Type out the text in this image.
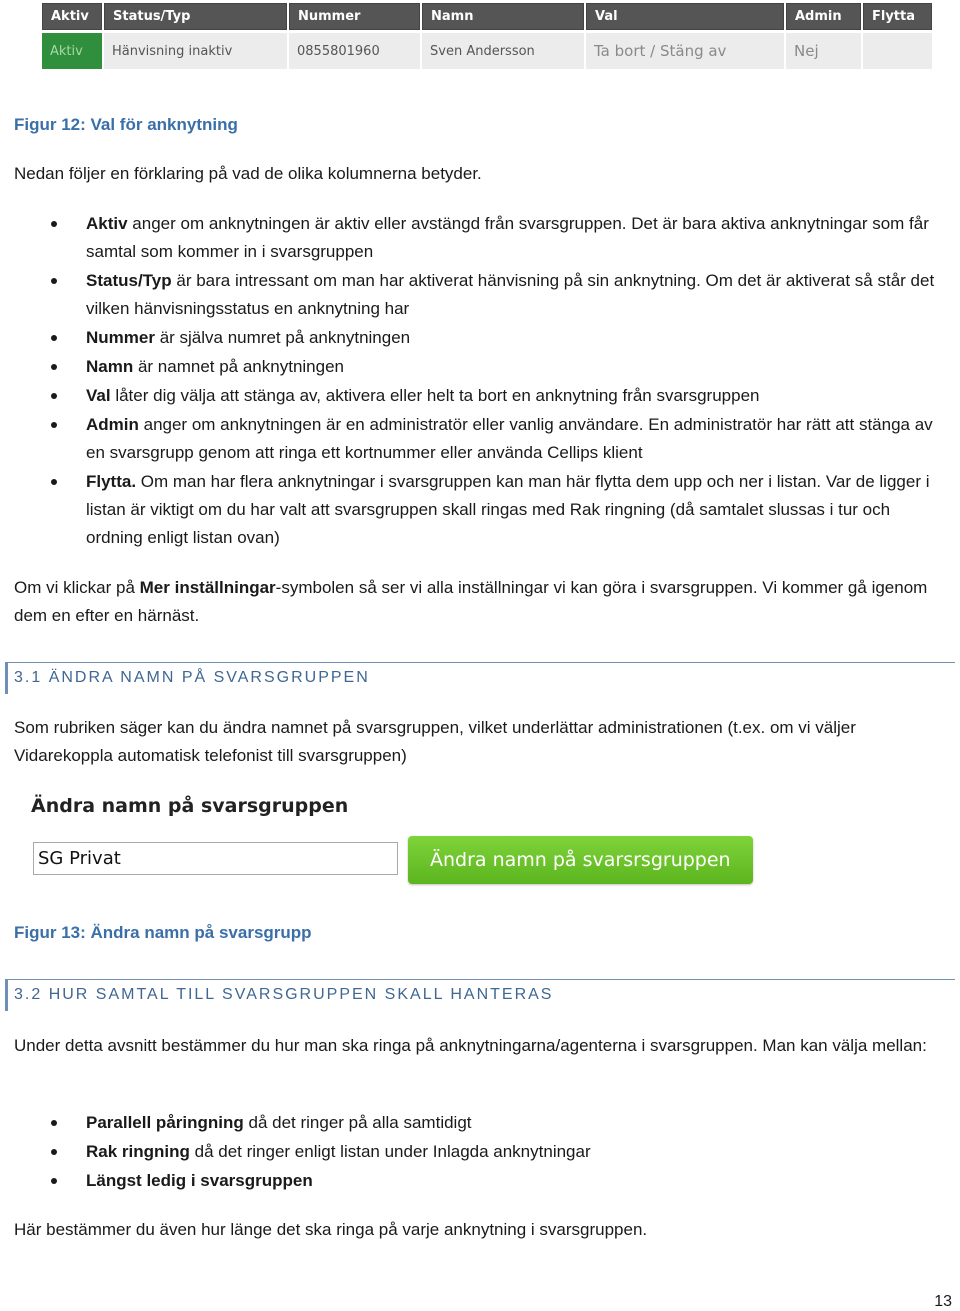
Aktiv	Status/Typ	Nummer	Namn	Val	Admin	Flytta
Aktiv	Hänvisning inaktiv	0855801960	Sven Andersson	Ta bort / Stäng av	Nej	

Figur 12: Val för anknytning

Nedan följer en förklaring på vad de olika kolumnerna betyder.

Aktiv anger om anknytningen är aktiv eller avstängd från svarsgruppen. Det är bara aktiva anknytningar som får samtal som kommer in i svarsgruppen
Status/Typ är bara intressant om man har aktiverat hänvisning på sin anknytning. Om det är aktiverat så står det vilken hänvisningsstatus en anknytning har
Nummer är själva numret på anknytningen
Namn är namnet på anknytningen
Val låter dig välja att stänga av, aktivera eller helt ta bort en anknytning från svarsgruppen
Admin anger om anknytningen är en administratör eller vanlig användare. En administratör har rätt att stänga av en svarsgrupp genom att ringa ett kortnummer eller använda Cellips klient
Flytta. Om man har flera anknytningar i svarsgruppen kan man här flytta dem upp och ner i listan. Var de ligger i listan är viktigt om du har valt att svarsgruppen skall ringas med Rak ringning (då samtalet slussas i tur och ordning enligt listan ovan)

Om vi klickar på Mer inställningar-symbolen så ser vi alla inställningar vi kan göra i svarsgruppen. Vi kommer gå igenom dem en efter en härnäst.

3.1 ÄNDRA NAMN PÅ SVARSGRUPPEN

Som rubriken säger kan du ändra namnet på svarsgruppen, vilket underlättar administrationen (t.ex. om vi väljer Vidarekoppla automatisk telefonist till svarsgruppen)

Ändra namn på svarsgruppen
SG Privat	Ändra namn på svarsrsgruppen

Figur 13: Ändra namn på svarsgrupp

3.2 HUR SAMTAL TILL SVARSGRUPPEN SKALL HANTERAS

Under detta avsnitt bestämmer du hur man ska ringa på anknytningarna/agenterna i svarsgruppen. Man kan välja mellan:

Parallell påringning då det ringer på alla samtidigt
Rak ringning då det ringer enligt listan under Inlagda anknytningar
Längst ledig i svarsgruppen

Här bestämmer du även hur länge det ska ringa på varje anknytning i svarsgruppen.

13
